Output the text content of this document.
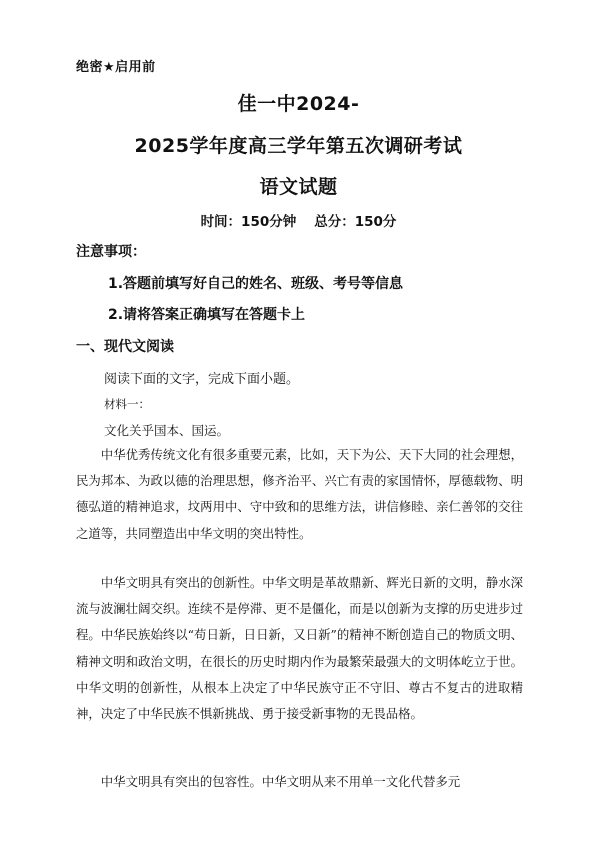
绝密★启用前
佳一中2024-
2025学年度高三学年第五次调研考试
语文试题
时间：150分钟 总分：150分
注意事项：
1.答题前填写好自己的姓名、班级、考号等信息
2.请将答案正确填写在答题卡上
一、现代文阅读
阅读下面的文字，完成下面小题。
材料一：
文化关乎国本、国运。

中华优秀传统文化有很多重要元素，比如，天下为公、天下大同的社会理想，民为邦本、为政以德的治理思想，修齐治平、兴亡有责的家国情怀，厚德载物、明德弘道的精神追求，坟两用中、守中致和的思维方法，讲信修睦、亲仁善邻的交往之道等，共同塑造出中华文明的突出特性。

中华文明具有突出的创新性。中华文明是革故鼎新、辉光日新的文明，静水深流与波澜壮阔交织。连续不是停滞、更不是僵化，而是以创新为支撑的历史进步过程。中华民族始终以“苟日新，日日新，又日新”的精神不断创造自己的物质文明、精神文明和政治文明，在很长的历史时期内作为最繁荣最强大的文明体屹立于世。中华文明的创新性，从根本上决定了中华民族守正不守旧、尊古不复古的进取精神，决定了中华民族不惧新挑战、勇于接受新事物的无畏品格。

中华文明具有突出的包容性。中华文明从来不用单一文化代替多元
